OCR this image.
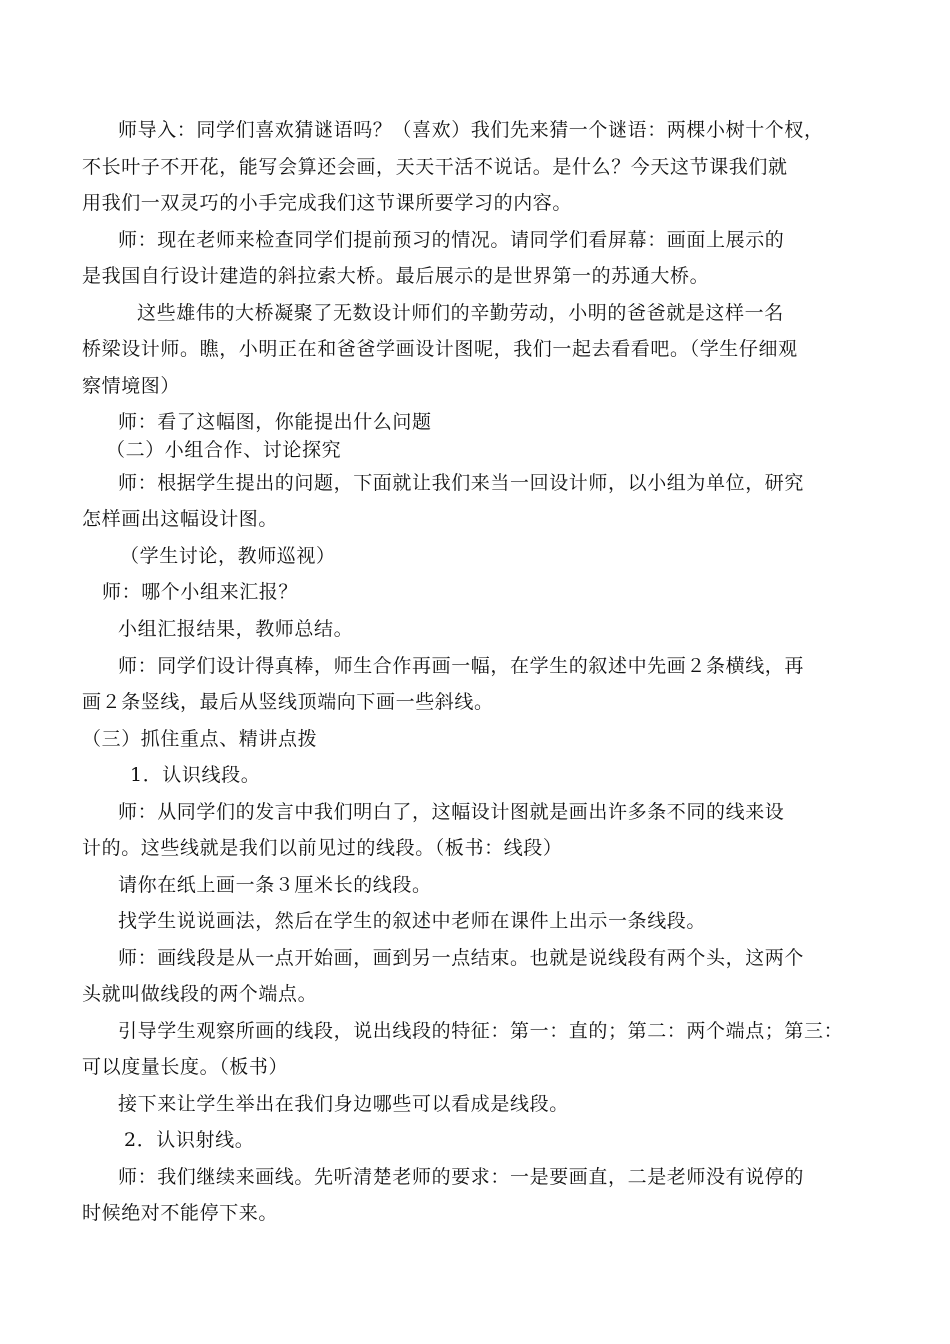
师导入：同学们喜欢猜谜语吗？（喜欢）我们先来猜一个谜语：两棵小树十个杈，

不长叶子不开花，能写会算还会画，天天干活不说话。是什么？今天这节课我们就

用我们一双灵巧的小手完成我们这节课所要学习的内容。

师：现在老师来检查同学们提前预习的情况。请同学们看屏幕：画面上展示的

是我国自行设计建造的斜拉索大桥。最后展示的是世界第一的苏通大桥。

这些雄伟的大桥凝聚了无数设计师们的辛勤劳动，小明的爸爸就是这样一名

桥梁设计师。瞧，小明正在和爸爸学画设计图呢，我们一起去看看吧。（学生仔细观

察情境图）

师：看了这幅图，你能提出什么问题

（二）小组合作、讨论探究

师：根据学生提出的问题，下面就让我们来当一回设计师，以小组为单位，研究

怎样画出这幅设计图。

（学生讨论，教师巡视）

师：哪个小组来汇报？

小组汇报结果，教师总结。

师：同学们设计得真棒，师生合作再画一幅，在学生的叙述中先画２条横线，再

画２条竖线，最后从竖线顶端向下画一些斜线。

（三）抓住重点、精讲点拨

1．认识线段。

师：从同学们的发言中我们明白了，这幅设计图就是画出许多条不同的线来设

计的。这些线就是我们以前见过的线段。（板书：线段）

请你在纸上画一条３厘米长的线段。

找学生说说画法，然后在学生的叙述中老师在课件上出示一条线段。

师：画线段是从一点开始画，画到另一点结束。也就是说线段有两个头，这两个

头就叫做线段的两个端点。

引导学生观察所画的线段，说出线段的特征：第一：直的；第二：两个端点；第三：

可以度量长度。（板书）

接下来让学生举出在我们身边哪些可以看成是线段。

2．认识射线。

师：我们继续来画线。先听清楚老师的要求：一是要画直，二是老师没有说停的

时候绝对不能停下来。
